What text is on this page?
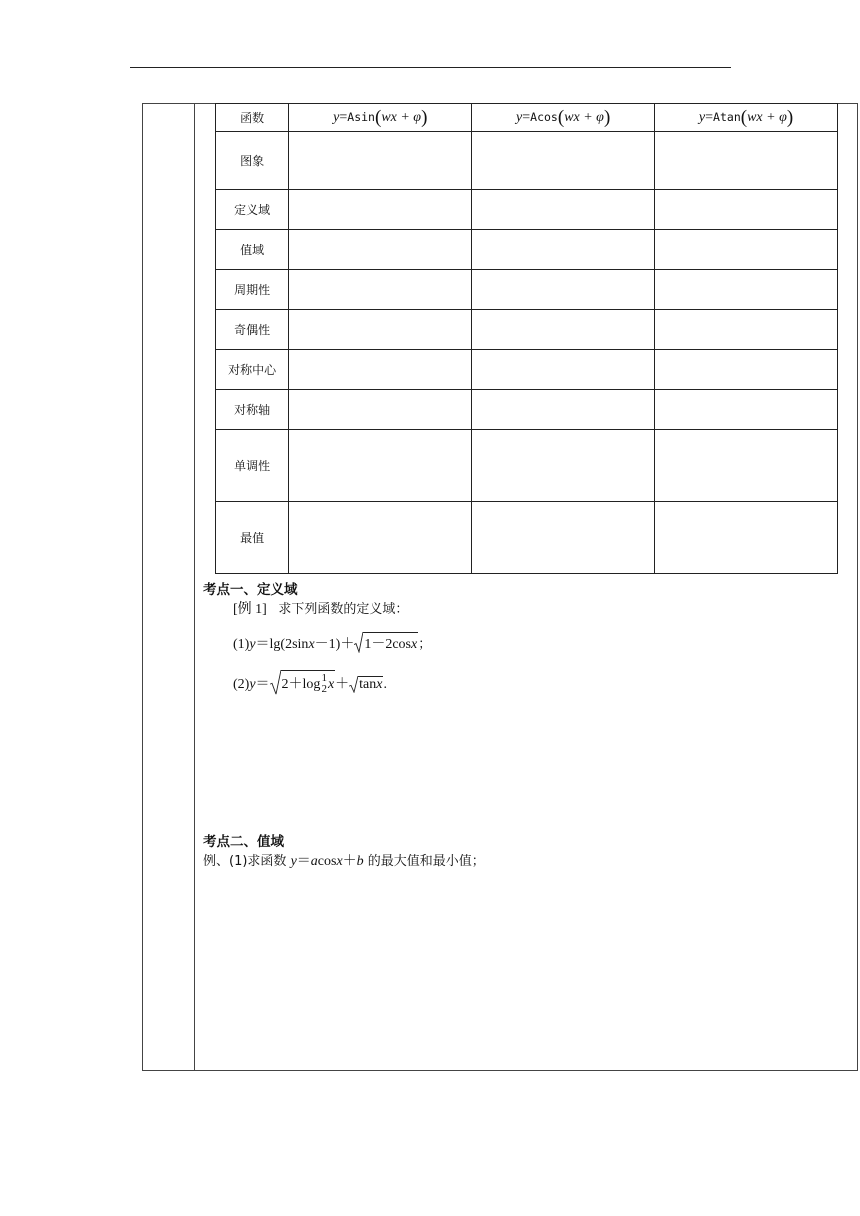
函数	y=Asin(wx + φ)	y=Acos(wx + φ)	y=Atan(wx + φ)
图象			
定义域			
值域			
周期性			
奇偶性			
对称中心			
对称轴			
单调性			
最值			
考点一、定义域
[例 1] 求下列函数的定义域：
(1)y＝lg(2sinx－1)＋ 1－2cosx；
(2)y＝ 2＋log 1
2 x＋ tanx.
考点二、值域
例、(1)求函数 y＝acosx＋b 的最大值和最小值；
